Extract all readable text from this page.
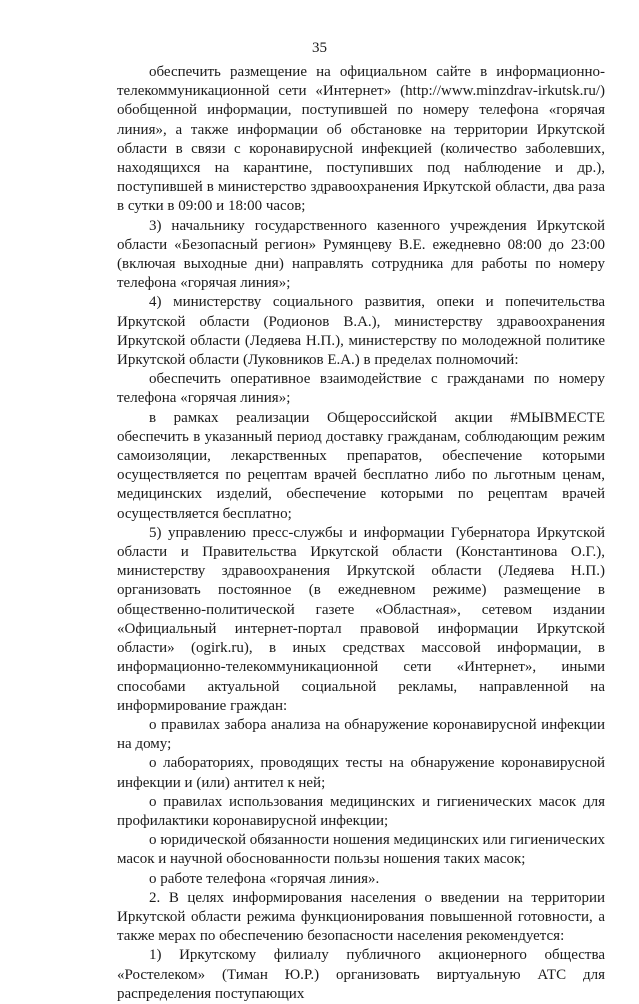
35

обеспечить размещение на официальном сайте в информационно-телекоммуникационной сети «Интернет» (http://www.minzdrav-irkutsk.ru/) обобщенной информации, поступившей по номеру телефона «горячая линия», а также информации об обстановке на территории Иркутской области в связи с коронавирусной инфекцией (количество заболевших, находящихся на карантине, поступивших под наблюдение и др.), поступившей в министерство здравоохранения Иркутской области, два раза в сутки в 09:00 и 18:00 часов;

3) начальнику государственного казенного учреждения Иркутской области «Безопасный регион» Румянцеву В.Е. ежедневно 08:00 до 23:00 (включая выходные дни) направлять сотрудника для работы по номеру телефона «горячая линия»;

4) министерству социального развития, опеки и попечительства Иркутской области (Родионов В.А.), министерству здравоохранения Иркутской области (Ледяева Н.П.), министерству по молодежной политике Иркутской области (Луковников Е.А.) в пределах полномочий:

обеспечить оперативное взаимодействие с гражданами по номеру телефона «горячая линия»;

в рамках реализации Общероссийской акции #МЫВМЕСТЕ обеспечить в указанный период доставку гражданам, соблюдающим режим самоизоляции, лекарственных препаратов, обеспечение которыми осуществляется по рецептам врачей бесплатно либо по льготным ценам, медицинских изделий, обеспечение которыми по рецептам врачей осуществляется бесплатно;

5) управлению пресс-службы и информации Губернатора Иркутской области и Правительства Иркутской области (Константинова О.Г.), министерству здравоохранения Иркутской области (Ледяева Н.П.) организовать постоянное (в ежедневном режиме) размещение в общественно-политической газете «Областная», сетевом издании «Официальный интернет-портал правовой информации Иркутской области» (ogirk.ru), в иных средствах массовой информации, в информационно-телекоммуникационной сети «Интернет», иными способами актуальной социальной рекламы, направленной на информирование граждан:

о правилах забора анализа на обнаружение коронавирусной инфекции на дому;

о лабораториях, проводящих тесты на обнаружение коронавирусной инфекции и (или) антител к ней;

о правилах использования медицинских и гигиенических масок для профилактики коронавирусной инфекции;

о юридической обязанности ношения медицинских или гигиенических масок и научной обоснованности пользы ношения таких масок;

о работе телефона «горячая линия».

2. В целях информирования населения о введении на территории Иркутской области режима функционирования повышенной готовности, а также мерах по обеспечению безопасности населения рекомендуется:

1) Иркутскому филиалу публичного акционерного общества «Ростелеком» (Тиман Ю.Р.) организовать виртуальную АТС для распределения поступающих
